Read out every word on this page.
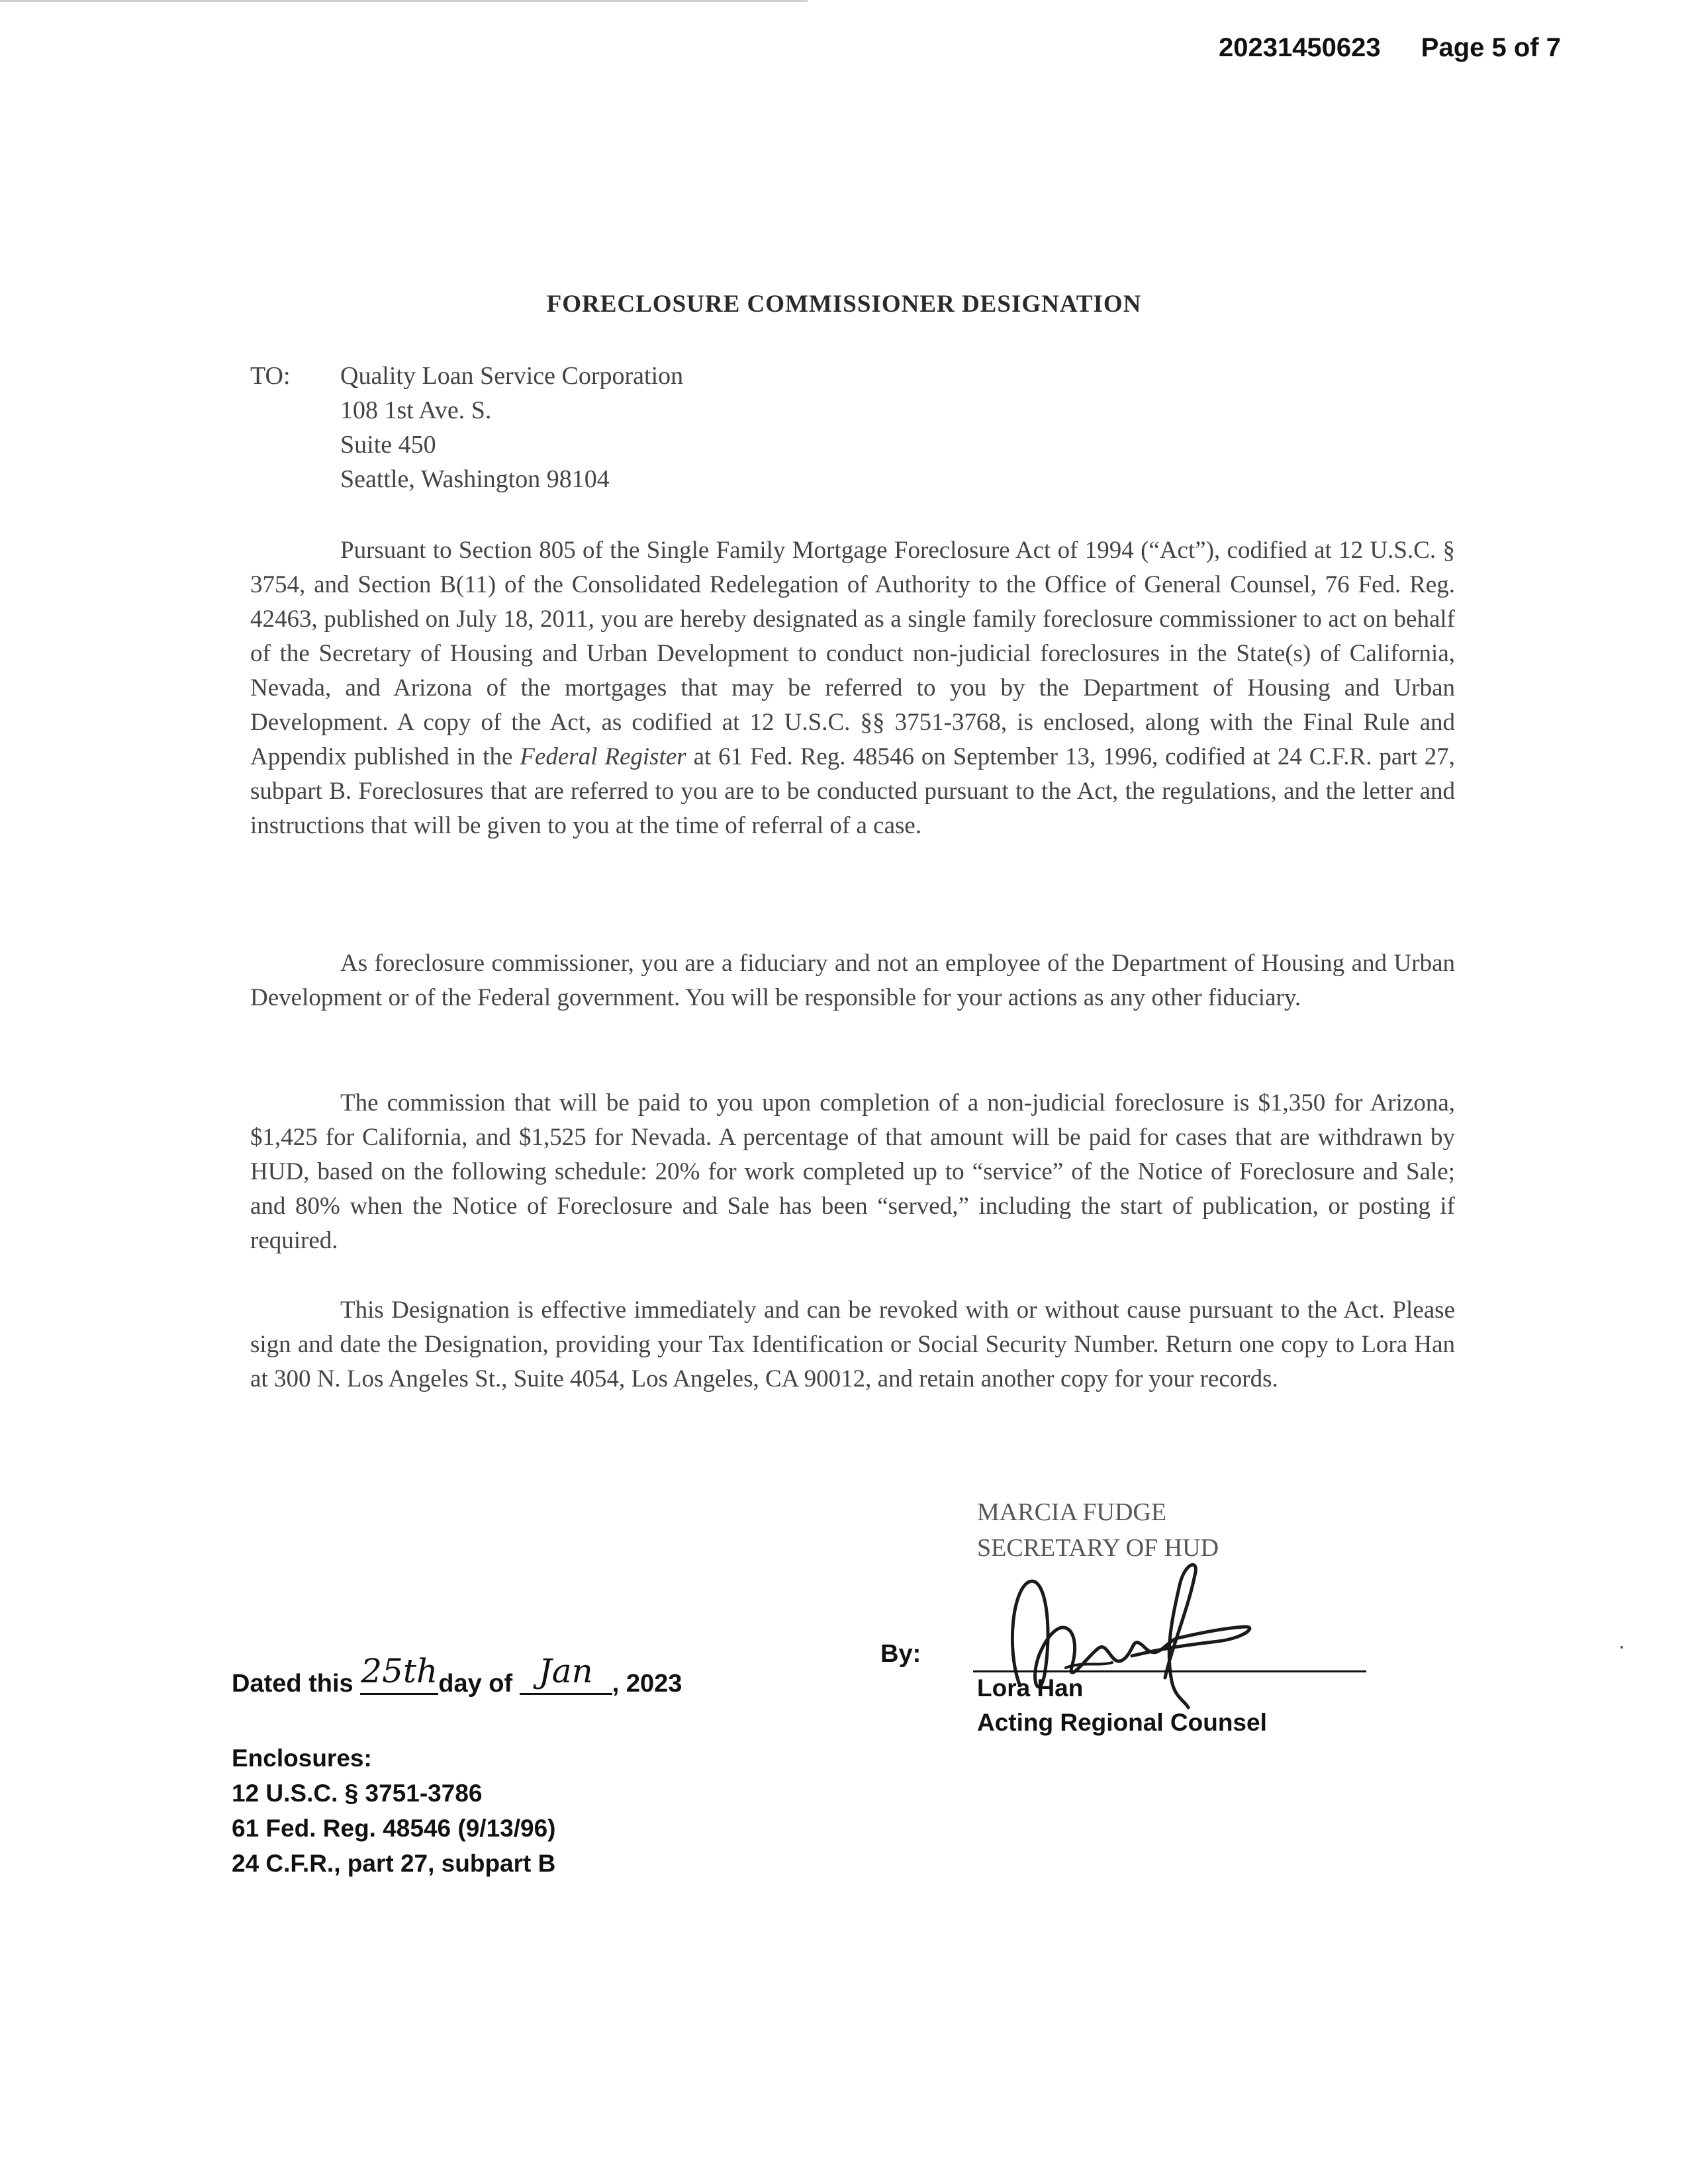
20231450623 Page 5 of 7
FORECLOSURE COMMISSIONER DESIGNATION
TO: Quality Loan Service Corporation
108 1st Ave. S.
Suite 450
Seattle, Washington 98104
Pursuant to Section 805 of the Single Family Mortgage Foreclosure Act of 1994 (“Act”), codified at 12 U.S.C. § 3754, and Section B(11) of the Consolidated Redelegation of Authority to the Office of General Counsel, 76 Fed. Reg. 42463, published on July 18, 2011, you are hereby designated as a single family foreclosure commissioner to act on behalf of the Secretary of Housing and Urban Development to conduct non-judicial foreclosures in the State(s) of California, Nevada, and Arizona of the mortgages that may be referred to you by the Department of Housing and Urban Development. A copy of the Act, as codified at 12 U.S.C. §§ 3751-3768, is enclosed, along with the Final Rule and Appendix published in the Federal Register at 61 Fed. Reg. 48546 on September 13, 1996, codified at 24 C.F.R. part 27, subpart B. Foreclosures that are referred to you are to be conducted pursuant to the Act, the regulations, and the letter and instructions that will be given to you at the time of referral of a case.
As foreclosure commissioner, you are a fiduciary and not an employee of the Department of Housing and Urban Development or of the Federal government. You will be responsible for your actions as any other fiduciary.
The commission that will be paid to you upon completion of a non-judicial foreclosure is $1,350 for Arizona, $1,425 for California, and $1,525 for Nevada. A percentage of that amount will be paid for cases that are withdrawn by HUD, based on the following schedule: 20% for work completed up to “service” of the Notice of Foreclosure and Sale; and 80% when the Notice of Foreclosure and Sale has been “served,” including the start of publication, or posting if required.
This Designation is effective immediately and can be revoked with or without cause pursuant to the Act. Please sign and date the Designation, providing your Tax Identification or Social Security Number. Return one copy to Lora Han at 300 N. Los Angeles St., Suite 4054, Los Angeles, CA 90012, and retain another copy for your records.
MARCIA FUDGE
SECRETARY OF HUD
By:
Lora Han
Acting Regional Counsel
Dated this 25thday of Jan , 2023
Enclosures:
12 U.S.C. § 3751-3786
61 Fed. Reg. 48546 (9/13/96)
24 C.F.R., part 27, subpart B
